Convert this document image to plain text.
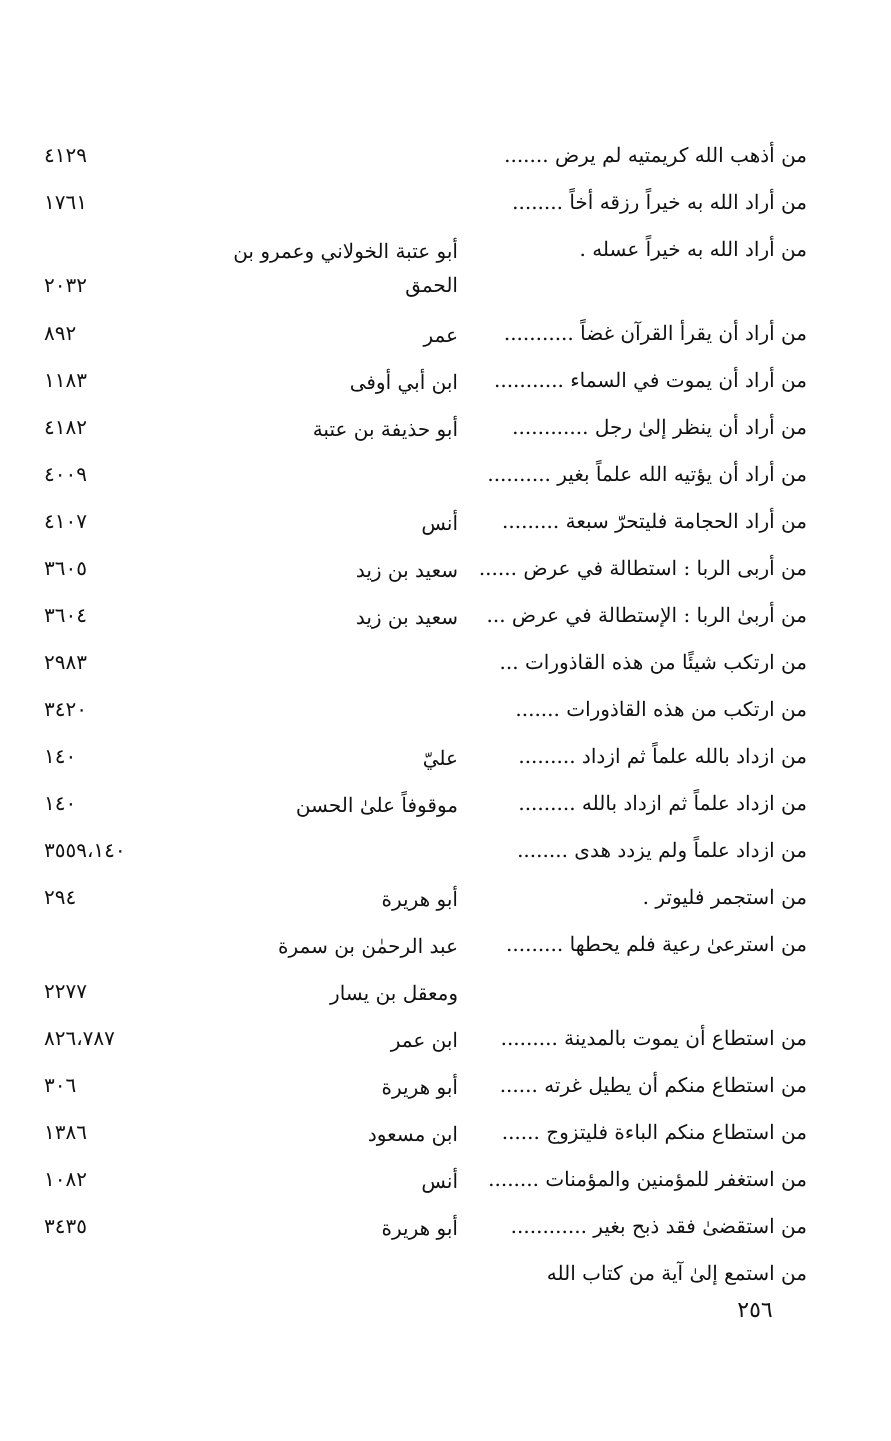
من أذهب الله كريمتيه لم يرض .......
٤١٢٩
من أراد الله به خيراً رزقه أخاً ........
١٧٦١
من أراد الله به خيراً عسله .
أبو عتبة الخولاني وعمرو بن الحمق
٢٠٣٢
من أراد أن يقرأ القرآن غضاً ...........
عمر
٨٩٢
من أراد أن يموت في السماء ...........
ابن أبي أوفى
١١٨٣
من أراد أن ينظر إلىٰ رجل ............
أبو حذيفة بن عتبة
٤١٨٢
من أراد أن يؤتيه الله علماً بغير ..........
٤٠٠٩
من أراد الحجامة فليتحرّ سبعة .........
أنس
٤١٠٧
من أربى الربا : استطالة في عرض ......
سعيد بن زيد
٣٦٠٥
من أربىٰ الربا : الإستطالة في عرض ...
سعيد بن زيد
٣٦٠٤
من ارتكب شيئًا من هذه القاذورات ...
٢٩٨٣
من ارتكب من هذه القاذورات .......
٣٤٢٠
من ازداد بالله علماً ثم ازداد .........
عليّ
١٤٠
من ازداد علماً ثم ازداد بالله .........
موقوفاً علىٰ الحسن
١٤٠
من ازداد علماً ولم يزدد هدى ........
٣٥٥٩،١٤٠
من استجمر فليوتر .
أبو هريرة
٢٩٤
من استرعىٰ رعية فلم يحطها .........
عبد الرحمٰن بن سمرة
ومعقل بن يسار
٢٢٧٧
من استطاع أن يموت بالمدينة .........
ابن عمر
٨٢٦،٧٨٧
من استطاع منكم أن يطيل غرته ......
أبو هريرة
٣٠٦
من استطاع منكم الباءة فليتزوج ......
ابن مسعود
١٣٨٦
من استغفر للمؤمنين والمؤمنات ........
أنس
١٠٨٢
من استقضىٰ فقد ذبح بغير ............
أبو هريرة
٣٤٣٥
من استمع إلىٰ آية من كتاب الله
٢٥٦
